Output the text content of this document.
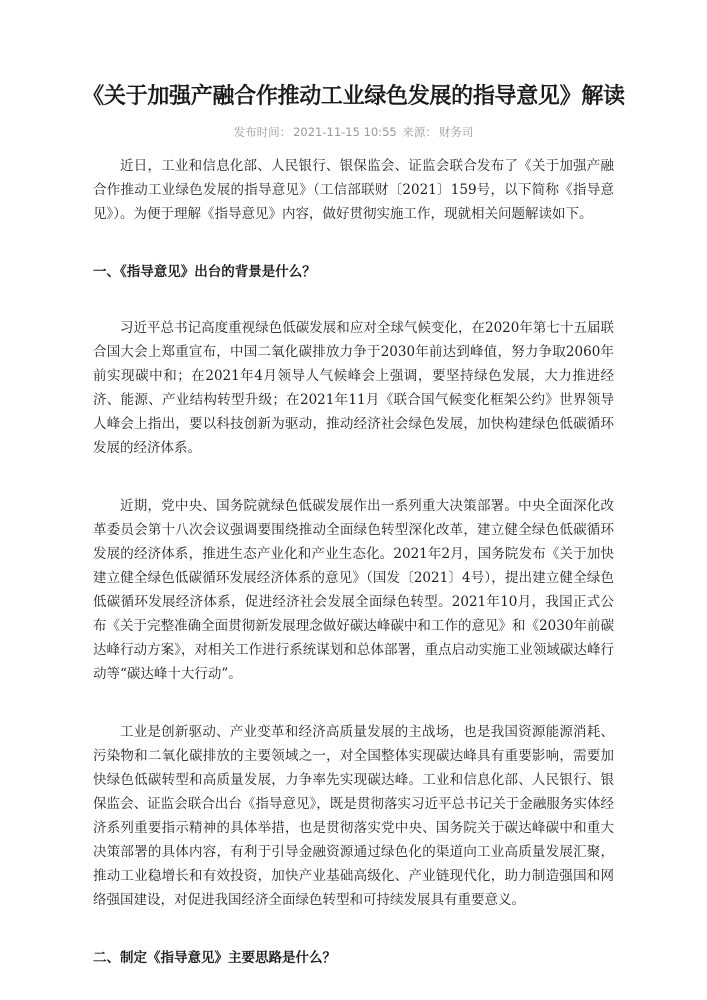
《关于加强产融合作推动工业绿色发展的指导意见》解读
发布时间： 2021-11-15 10:55 来源： 财务司

近日，工业和信息化部、人民银行、银保监会、证监会联合发布了《关于加强产融合作推动工业绿色发展的指导意见》（工信部联财〔2021〕159号，以下简称《指导意见》）。为便于理解《指导意见》内容，做好贯彻实施工作，现就相关问题解读如下。

一、《指导意见》出台的背景是什么？

习近平总书记高度重视绿色低碳发展和应对全球气候变化，在2020年第七十五届联合国大会上郑重宣布，中国二氧化碳排放力争于2030年前达到峰值，努力争取2060年前实现碳中和；在2021年4月领导人气候峰会上强调，要坚持绿色发展，大力推进经济、能源、产业结构转型升级；在2021年11月《联合国气候变化框架公约》世界领导人峰会上指出，要以科技创新为驱动，推动经济社会绿色发展，加快构建绿色低碳循环发展的经济体系。

近期，党中央、国务院就绿色低碳发展作出一系列重大决策部署。中央全面深化改革委员会第十八次会议强调要围绕推动全面绿色转型深化改革，建立健全绿色低碳循环发展的经济体系，推进生态产业化和产业生态化。2021年2月，国务院发布《关于加快建立健全绿色低碳循环发展经济体系的意见》（国发〔2021〕4号），提出建立健全绿色低碳循环发展经济体系，促进经济社会发展全面绿色转型。2021年10月，我国正式公布《关于完整准确全面贯彻新发展理念做好碳达峰碳中和工作的意见》和《2030年前碳达峰行动方案》，对相关工作进行系统谋划和总体部署，重点启动实施工业领域碳达峰行动等“碳达峰十大行动”。

工业是创新驱动、产业变革和经济高质量发展的主战场，也是我国资源能源消耗、污染物和二氧化碳排放的主要领域之一，对全国整体实现碳达峰具有重要影响，需要加快绿色低碳转型和高质量发展，力争率先实现碳达峰。工业和信息化部、人民银行、银保监会、证监会联合出台《指导意见》，既是贯彻落实习近平总书记关于金融服务实体经济系列重要指示精神的具体举措，也是贯彻落实党中央、国务院关于碳达峰碳中和重大决策部署的具体内容，有利于引导金融资源通过绿色化的渠道向工业高质量发展汇聚，推动工业稳增长和有效投资，加快产业基础高级化、产业链现代化，助力制造强国和网络强国建设，对促进我国经济全面绿色转型和可持续发展具有重要意义。

二、制定《指导意见》主要思路是什么？
